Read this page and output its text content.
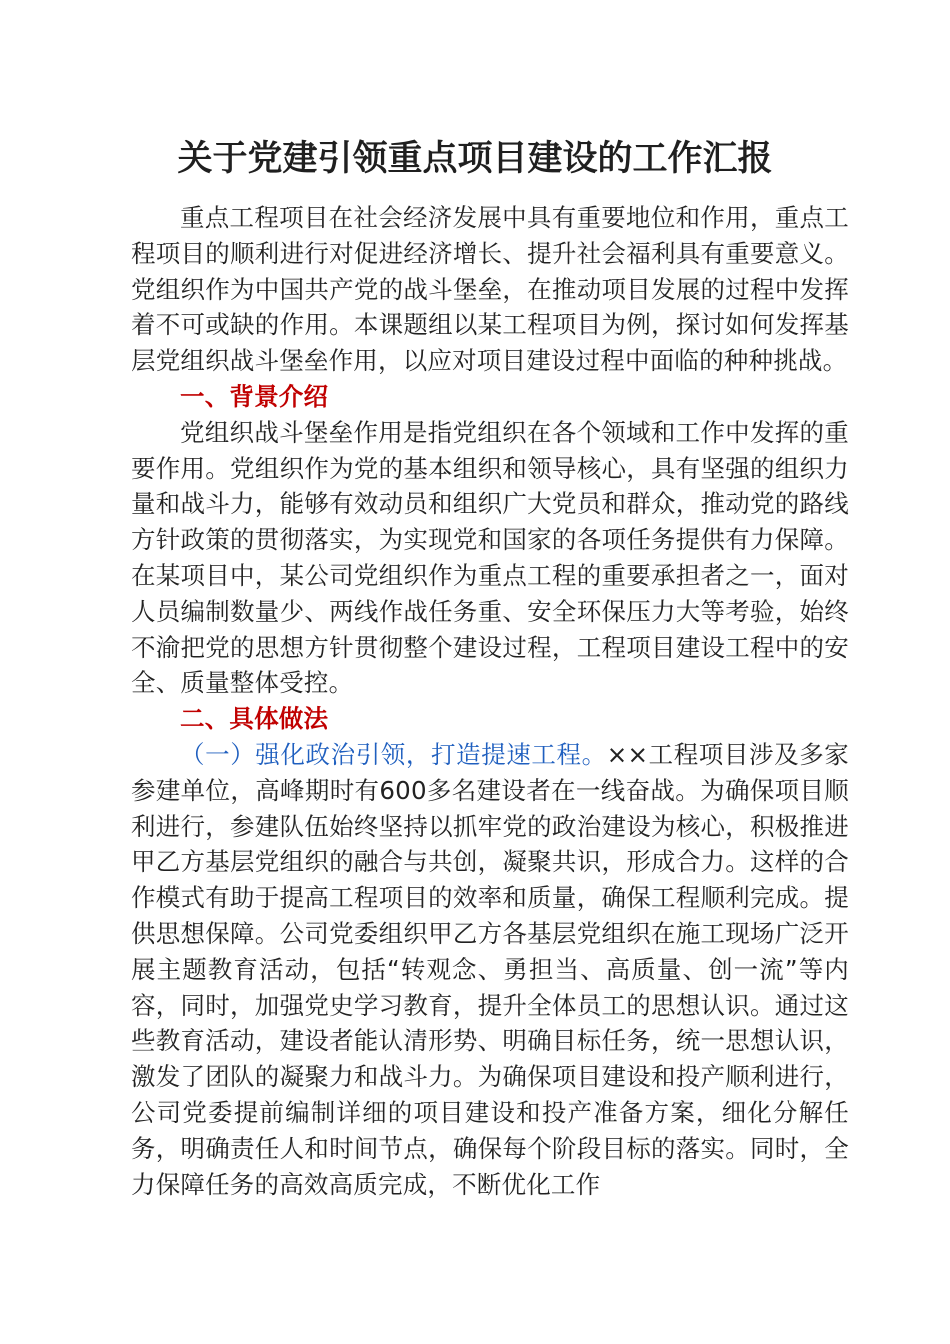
关于党建引领重点项目建设的工作汇报

重点工程项目在社会经济发展中具有重要地位和作用，重点工程项目的顺利进行对促进经济增长、提升社会福利具有重要意义。党组织作为中国共产党的战斗堡垒，在推动项目发展的过程中发挥着不可或缺的作用。本课题组以某工程项目为例，探讨如何发挥基层党组织战斗堡垒作用，以应对项目建设过程中面临的种种挑战。

一、背景介绍

党组织战斗堡垒作用是指党组织在各个领域和工作中发挥的重要作用。党组织作为党的基本组织和领导核心，具有坚强的组织力量和战斗力，能够有效动员和组织广大党员和群众，推动党的路线方针政策的贯彻落实，为实现党和国家的各项任务提供有力保障。在某项目中，某公司党组织作为重点工程的重要承担者之一，面对人员编制数量少、两线作战任务重、安全环保压力大等考验，始终不渝把党的思想方针贯彻整个建设过程，工程项目建设工程中的安全、质量整体受控。

二、具体做法

（一）强化政治引领，打造提速工程。××工程项目涉及多家参建单位，高峰期时有600多名建设者在一线奋战。为确保项目顺利进行，参建队伍始终坚持以抓牢党的政治建设为核心，积极推进甲乙方基层党组织的融合与共创，凝聚共识，形成合力。这样的合作模式有助于提高工程项目的效率和质量，确保工程顺利完成。提供思想保障。公司党委组织甲乙方各基层党组织在施工现场广泛开展主题教育活动，包括“转观念、勇担当、高质量、创一流”等内容，同时，加强党史学习教育，提升全体员工的思想认识。通过这些教育活动，建设者能认清形势、明确目标任务，统一思想认识，激发了团队的凝聚力和战斗力。为确保项目建设和投产顺利进行，公司党委提前编制详细的项目建设和投产准备方案，细化分解任务，明确责任人和时间节点，确保每个阶段目标的落实。同时，全力保障任务的高效高质完成，不断优化工作
